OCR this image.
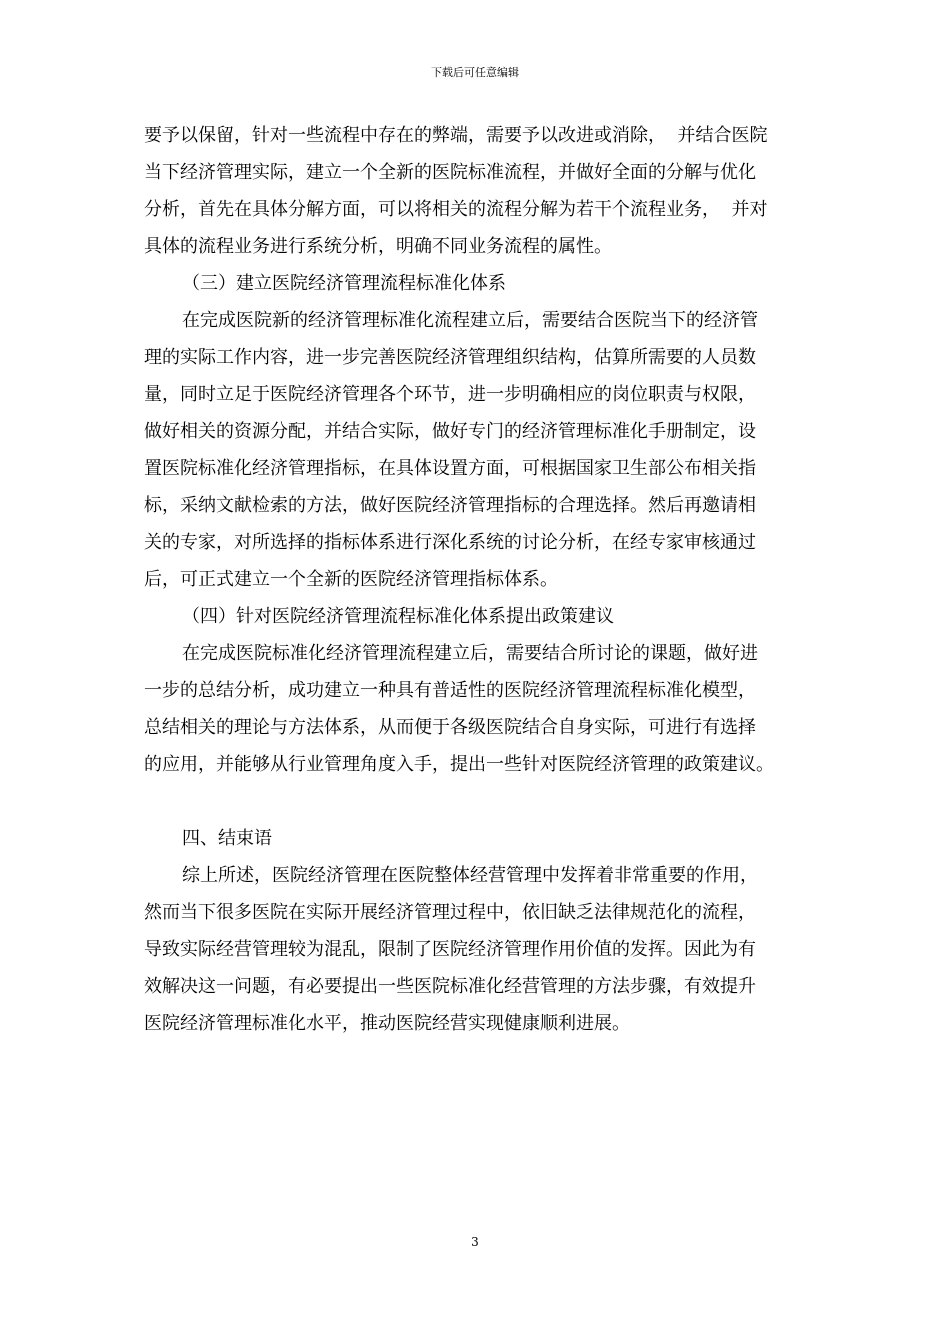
下载后可任意编辑
要予以保留，针对一些流程中存在的弊端，需要予以改进或消除，  并结合医院
当下经济管理实际，建立一个全新的医院标准流程，并做好全面的分解与优化
分析，首先在具体分解方面，可以将相关的流程分解为若干个流程业务，  并对
具体的流程业务进行系统分析，明确不同业务流程的属性。
（三）建立医院经济管理流程标准化体系
在完成医院新的经济管理标准化流程建立后，需要结合医院当下的经济管
理的实际工作内容，进一步完善医院经济管理组织结构，估算所需要的人员数
量，同时立足于医院经济管理各个环节，进一步明确相应的岗位职责与权限，
做好相关的资源分配，并结合实际，做好专门的经济管理标准化手册制定，设
置医院标准化经济管理指标，在具体设置方面，可根据国家卫生部公布相关指
标，采纳文献检索的方法，做好医院经济管理指标的合理选择。然后再邀请相
关的专家，对所选择的指标体系进行深化系统的讨论分析，在经专家审核通过
后，可正式建立一个全新的医院经济管理指标体系。
（四）针对医院经济管理流程标准化体系提出政策建议
在完成医院标准化经济管理流程建立后，需要结合所讨论的课题，做好进
一步的总结分析，成功建立一种具有普适性的医院经济管理流程标准化模型，
总结相关的理论与方法体系，从而便于各级医院结合自身实际，可进行有选择
的应用，并能够从行业管理角度入手，提出一些针对医院经济管理的政策建议。
四、结束语
综上所述，医院经济管理在医院整体经营管理中发挥着非常重要的作用，
然而当下很多医院在实际开展经济管理过程中，依旧缺乏法律规范化的流程，
导致实际经营管理较为混乱，限制了医院经济管理作用价值的发挥。因此为有
效解决这一问题，有必要提出一些医院标准化经营管理的方法步骤，有效提升
医院经济管理标准化水平，推动医院经营实现健康顺利进展。
3
